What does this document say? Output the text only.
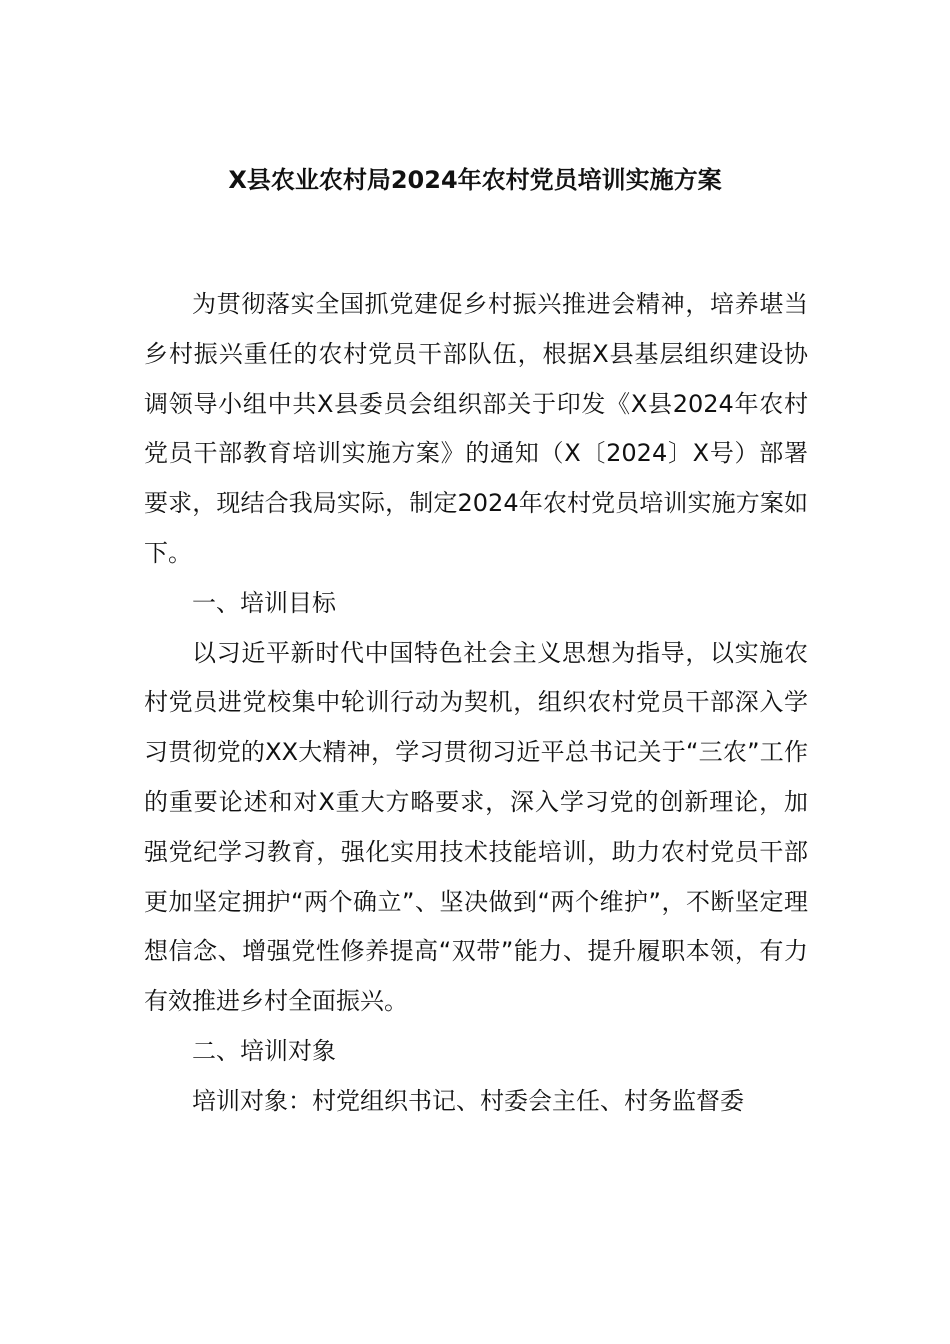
X县农业农村局2024年农村党员培训实施方案

为贯彻落实全国抓党建促乡村振兴推进会精神，培养堪当乡村振兴重任的农村党员干部队伍，根据X县基层组织建设协调领导小组中共X县委员会组织部关于印发《X县2024年农村党员干部教育培训实施方案》的通知（X〔2024〕X号）部署要求，现结合我局实际，制定2024年农村党员培训实施方案如下。

一、培训目标

以习近平新时代中国特色社会主义思想为指导，以实施农村党员进党校集中轮训行动为契机，组织农村党员干部深入学习贯彻党的XX大精神，学习贯彻习近平总书记关于“三农”工作的重要论述和对X重大方略要求，深入学习党的创新理论，加强党纪学习教育，强化实用技术技能培训，助力农村党员干部更加坚定拥护“两个确立”、坚决做到“两个维护”，不断坚定理想信念、增强党性修养提高“双带”能力、提升履职本领，有力有效推进乡村全面振兴。

二、培训对象

培训对象：村党组织书记、村委会主任、村务监督委
